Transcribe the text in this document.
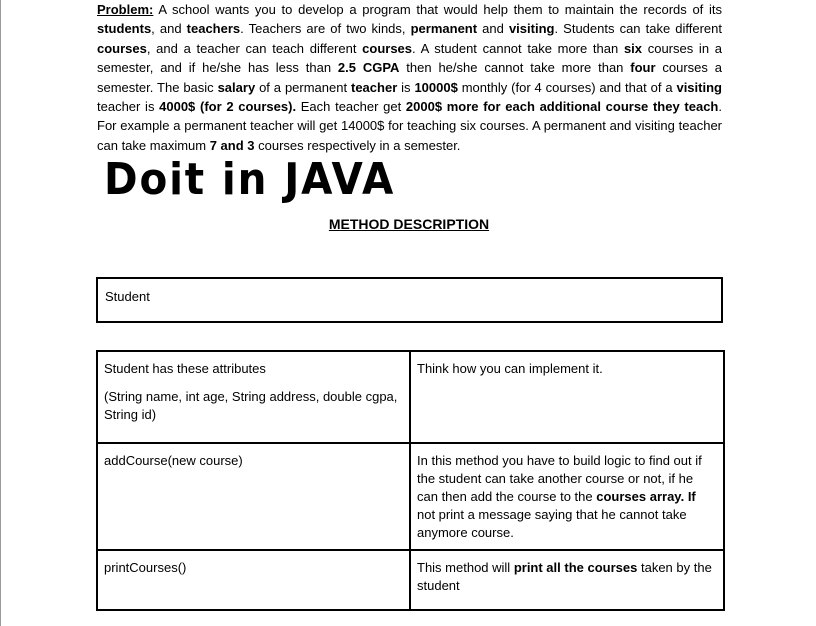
Problem: A school wants you to develop a program that would help them to maintain the records of its students, and teachers. Teachers are of two kinds, permanent and visiting. Students can take different courses, and a teacher can teach different courses. A student cannot take more than six courses in a semester, and if he/she has less than 2.5 CGPA then he/she cannot take more than four courses a semester. The basic salary of a permanent teacher is 10000$ monthly (for 4 courses) and that of a visiting teacher is 4000$ (for 2 courses). Each teacher get 2000$ more for each additional course they teach. For example a permanent teacher will get 14000$ for teaching six courses. A permanent and visiting teacher can take maximum 7 and 3 courses respectively in a semester.

Doit in JAVA

METHOD DESCRIPTION

Student
Student has these attributes
(String name, int age, String address, double cgpa, String id)	Think how you can implement it.
addCourse(new course)	In this method you have to build logic to find out if the student can take another course or not, if he can then add the course to the courses array. If not print a message saying that he cannot take anymore course.
printCourses()	This method will print all the courses taken by the student
